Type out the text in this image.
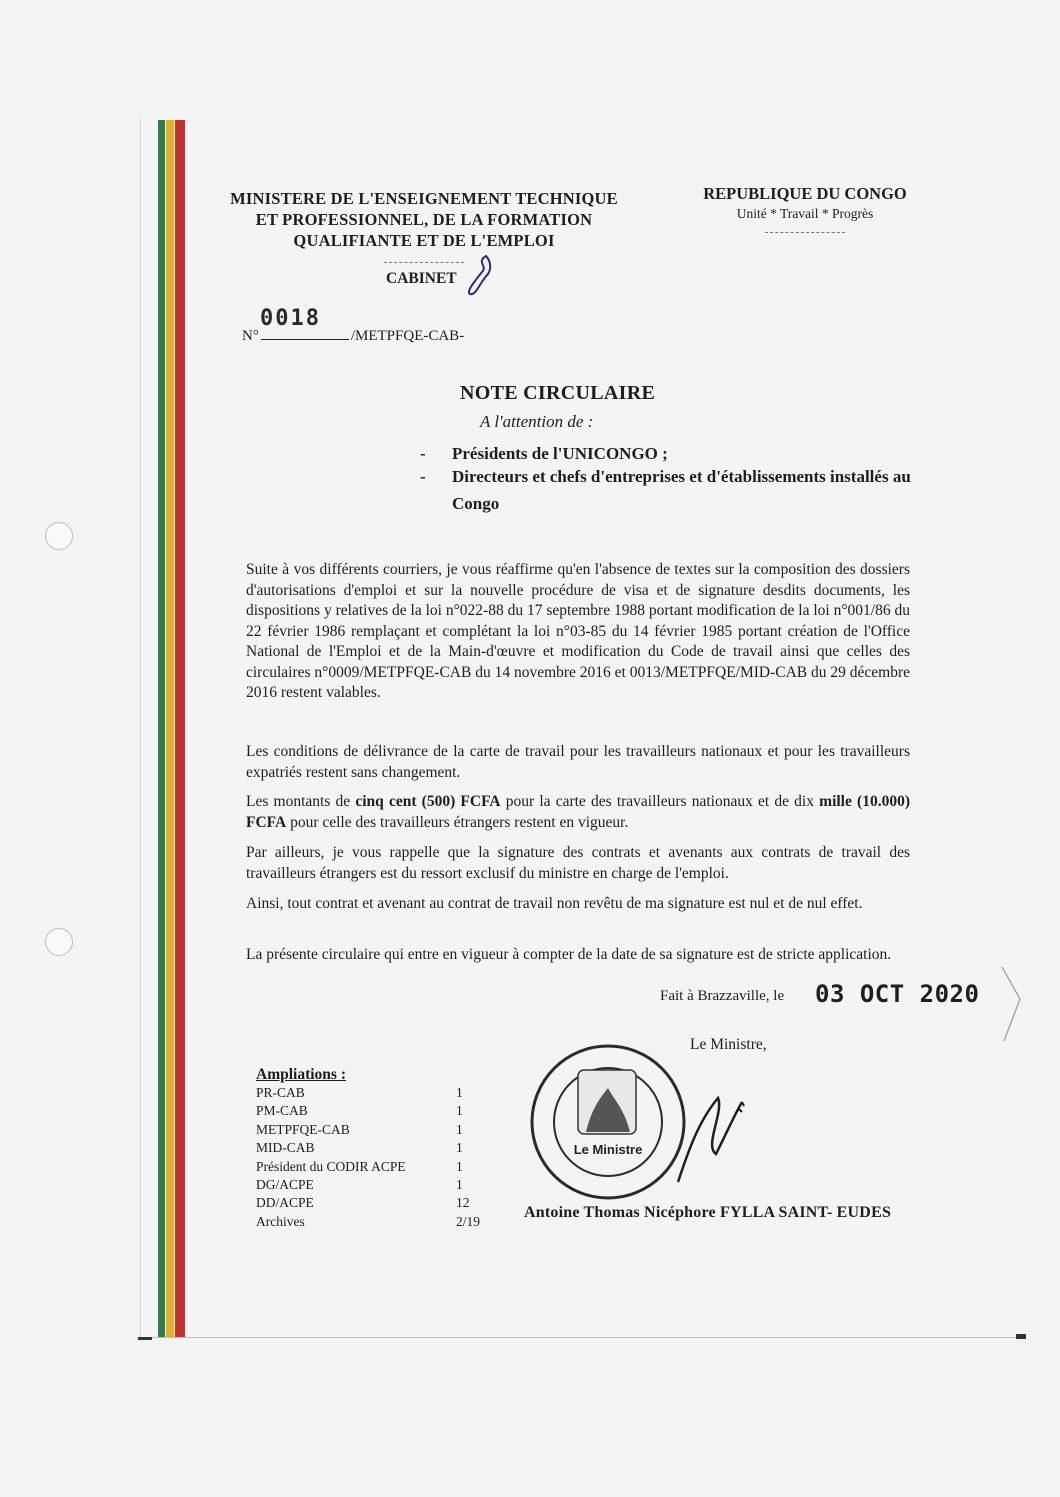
MINISTERE DE L'ENSEIGNEMENT TECHNIQUE
ET PROFESSIONNEL, DE LA FORMATION
QUALIFIANTE ET DE L'EMPLOI
REPUBLIQUE DU CONGO
Unité * Travail * Progrès
CABINET
N°	/METPFQE-CAB-
0018
NOTE CIRCULAIRE
A l'attention de :
-	Présidents de l'UNICONGO ;
-	Directeurs et chefs d'entreprises et d'établissements installés au Congo
Suite à vos différents courriers, je vous réaffirme qu'en l'absence de textes sur la composition des dossiers d'autorisations d'emploi et sur la nouvelle procédure de visa et de signature desdits documents, les dispositions y relatives de la loi n°022-88 du 17 septembre 1988 portant modification de la loi n°001/86 du 22 février 1986 remplaçant et complétant la loi n°03-85 du 14 février 1985 portant création de l'Office National de l'Emploi et de la Main-d'œuvre et modification du Code de travail ainsi que celles des circulaires n°0009/METPFQE-CAB du 14 novembre 2016 et 0013/METPFQE/MID-CAB du 29 décembre 2016 restent valables.
Les conditions de délivrance de la carte de travail pour les travailleurs nationaux et pour les travailleurs expatriés restent sans changement.
Les montants de cinq cent (500) FCFA pour la carte des travailleurs nationaux et de dix mille (10.000) FCFA pour celle des travailleurs étrangers restent en vigueur.
Par ailleurs, je vous rappelle que la signature des contrats et avenants aux contrats de travail des travailleurs étrangers est du ressort exclusif du ministre en charge de l'emploi.
Ainsi, tout contrat et avenant au contrat de travail non revêtu de ma signature est nul et de nul effet.
La présente circulaire qui entre en vigueur à compter de la date de sa signature est de stricte application.
Fait à Brazzaville, le 03 OCT 2020
Le Ministre,
Ampliations :
PR-CAB	1
PM-CAB	1
METPFQE-CAB	1
MID-CAB	1
Président du CODIR ACPE	1
DG/ACPE	1
DD/ACPE	12
Archives	2/19
Le Ministre
Antoine Thomas Nicéphore FYLLA SAINT- EUDES
